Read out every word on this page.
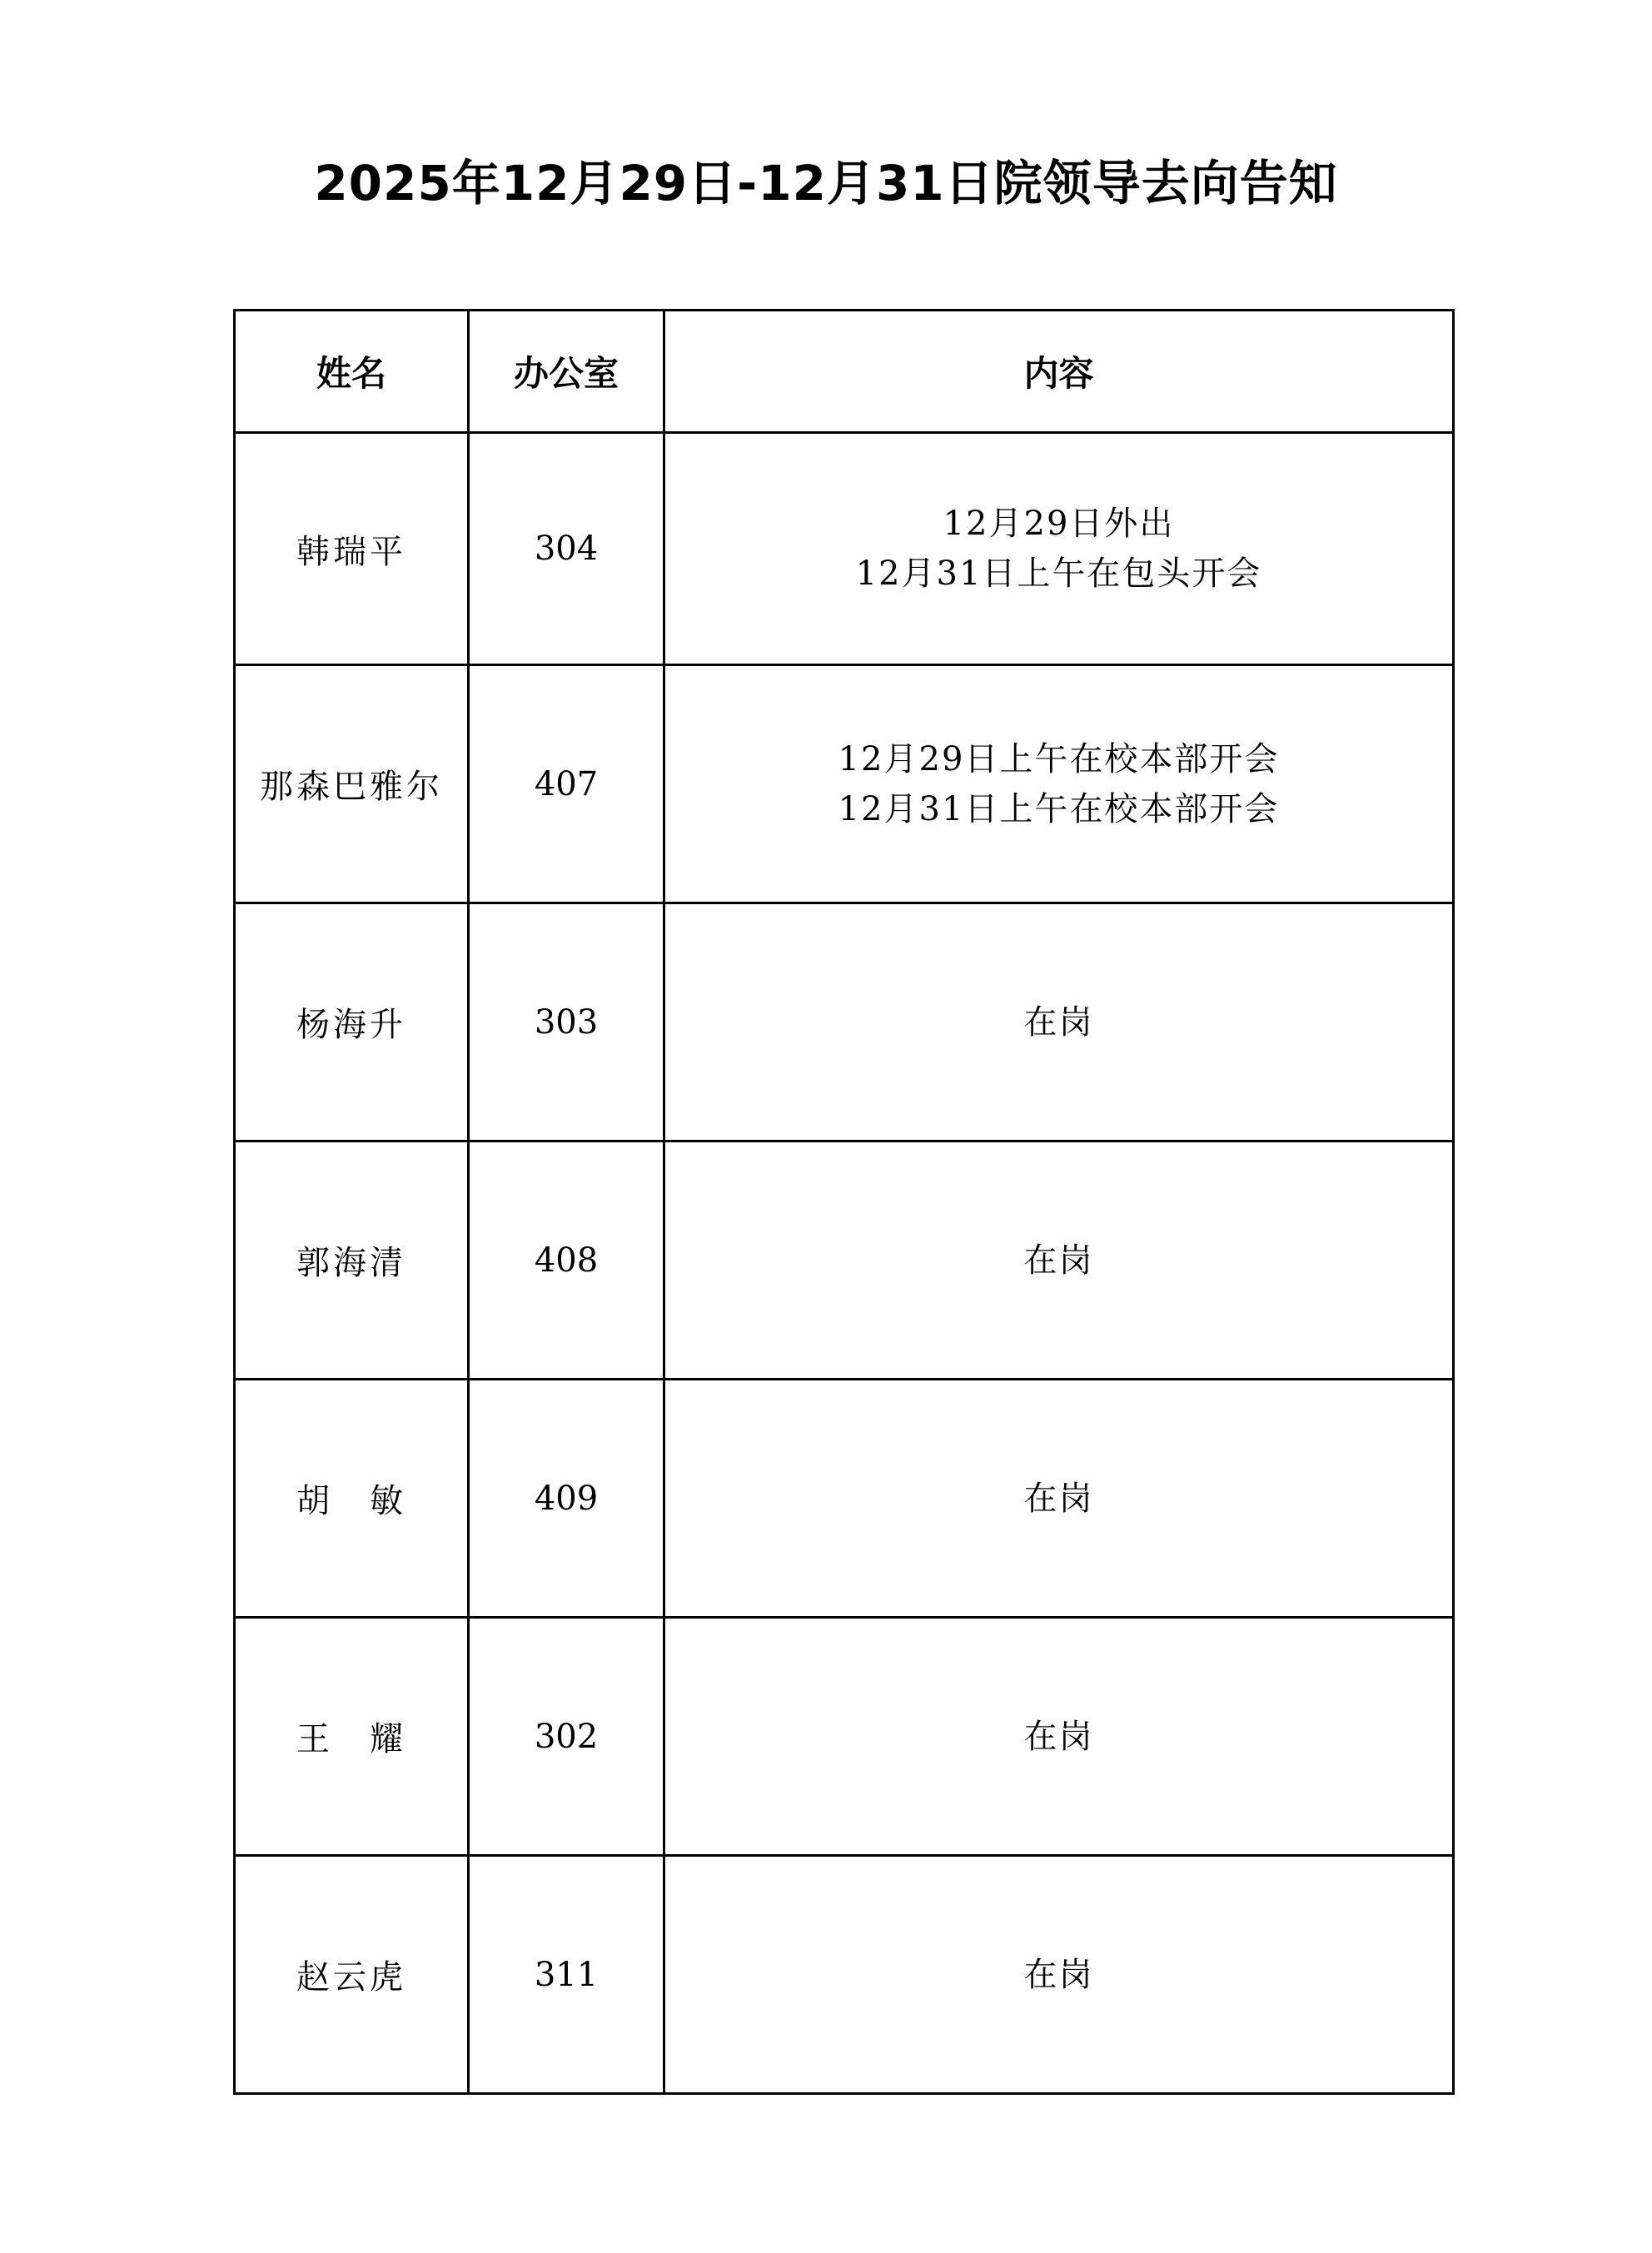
2025年12月29日-12月31日院领导去向告知
姓名	办公室	内容
韩瑞平	304	12月29日外出
12月31日上午在包头开会

那森巴雅尔	407	12月29日上午在校本部开会
12月31日上午在校本部开会

杨海升	303	在岗

郭海清	408	在岗

胡　敏	409	在岗

王　耀	302	在岗

赵云虎	311	在岗
